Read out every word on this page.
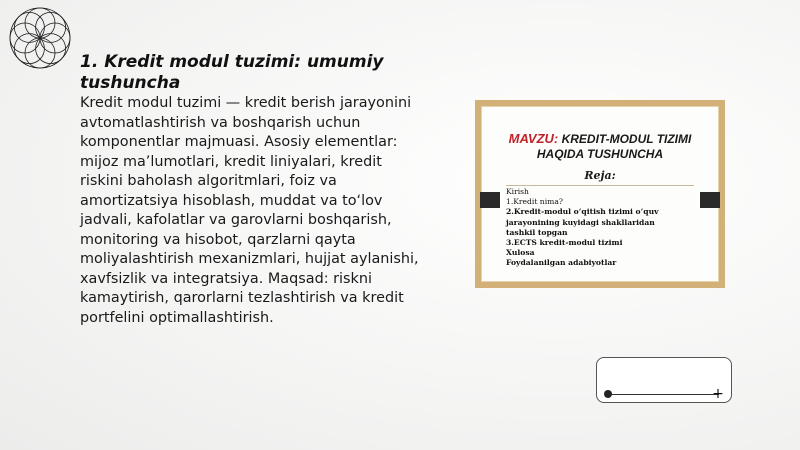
1. Kredit modul tuzimi: umumiy tushuncha

Kredit modul tuzimi — kredit berish jarayonini avtomatlashtirish va boshqarish uchun komponentlar majmuasi. Asosiy elementlar: mijoz ma’lumotlari, kredit liniyalari, kredit riskini baholash algoritmlari, foiz va amortizatsiya hisoblash, muddat va to‘lov jadvali, kafolatlar va garovlarni boshqarish, monitoring va hisobot, qarzlarni qayta moliyalashtirish mexanizmlari, hujjat aylanishi, xavfsizlik va integratsiya. Maqsad: riskni kamaytirish, qarorlarni tezlashtirish va kredit portfelini optimallashtirish.

MAVZU: KREDIT-MODUL TIZIMI
HAQIDA TUSHUNCHA
Reja:
Kirish
1.Kredit nima?
2.Kredit-modul o‘qitish tizimi o‘quv
jarayonining kuyidagi shakllaridan
tashkil topgan
3.ECTS kredit-modul tizimi
Xulosa
Foydalanilgan adabiyotlar
+
